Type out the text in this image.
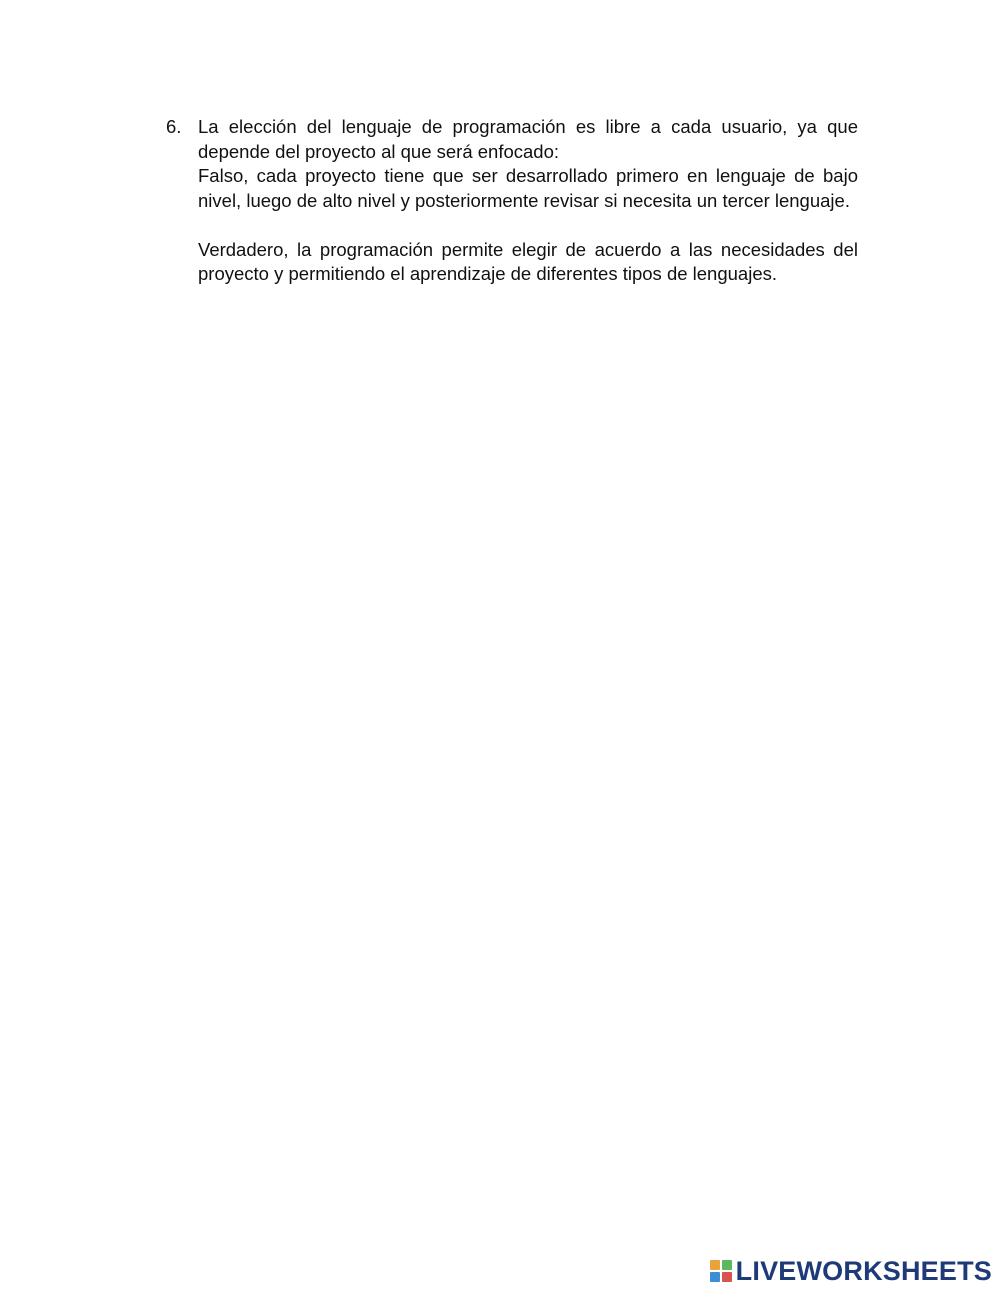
6. La elección del lenguaje de programación es libre a cada usuario, ya que depende del proyecto al que será enfocado:

Falso, cada proyecto tiene que ser desarrollado primero en lenguaje de bajo nivel, luego de alto nivel y posteriormente revisar si necesita un tercer lenguaje.

Verdadero, la programación permite elegir de acuerdo a las necesidades del proyecto y permitiendo el aprendizaje de diferentes tipos de lenguajes.

LIVEWORKSHEETS
